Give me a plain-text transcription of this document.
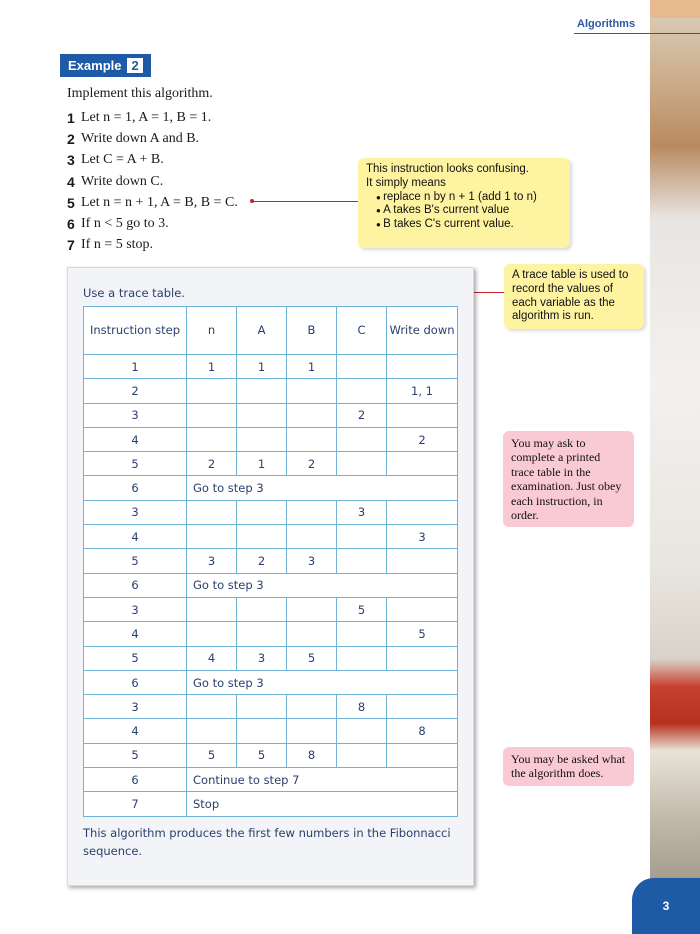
Algorithms
Example 2
Implement this algorithm.
1 Let n = 1, A = 1, B = 1.
2 Write down A and B.
3 Let C = A + B.
4 Write down C.
5 Let n = n + 1, A = B, B = C.
6 If n < 5 go to 3.
7 If n = 5 stop.
This instruction looks confusing.
It simply means
● replace n by n + 1 (add 1 to n)
● A takes B's current value
● B takes C's current value.
A trace table is used to record the values of each variable as the algorithm is run.
You may ask to complete a printed trace table in the examination. Just obey each instruction, in order.
You may be asked what the algorithm does.
Use a trace table.
Instruction step	n	A	B	C	Write down
1	1	1	1		
2					1, 1
3				2	
4					2
5	2	1	2		
6	Go to step 3				
3				3	
4					3
5	3	2	3		
6	Go to step 3				
3				5	
4					5
5	4	3	5		
6	Go to step 3				
3				8	
4					8
5	5	5	8		
6	Continue to step 7				
7	Stop				
This algorithm produces the first few numbers in the Fibonnacci sequence.
3
